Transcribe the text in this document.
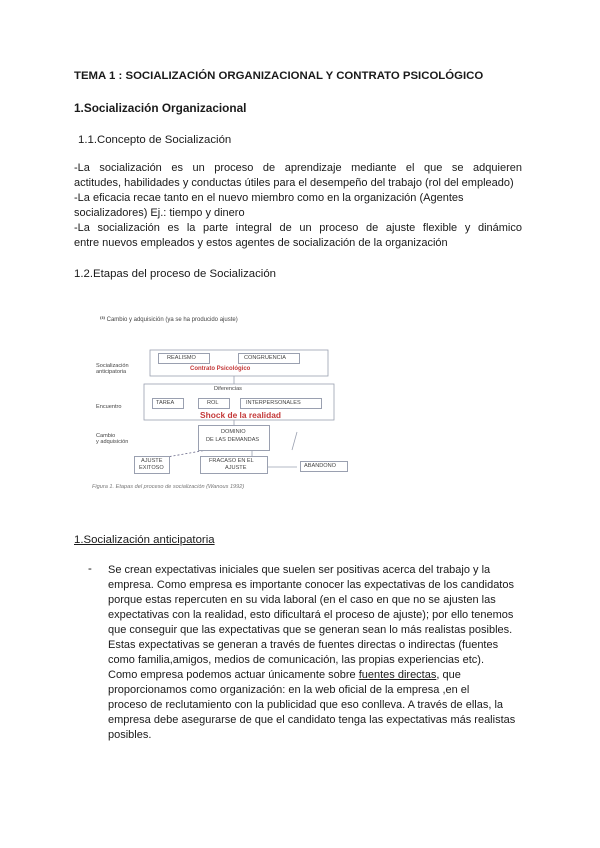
TEMA 1 : SOCIALIZACIÓN ORGANIZACIONAL Y CONTRATO PSICOLÓGICO
1.Socialización Organizacional
1.1.Concepto de Socialización
-La socialización es un proceso de aprendizaje mediante el que se adquieren
actitudes, habilidades y conductas útiles para el desempeño del trabajo (rol del empleado)
-La eficacia recae tanto en el nuevo miembro como en la organización (Agentes
socializadores) Ej.: tiempo y dinero
-La socialización es la parte integral de un proceso de ajuste flexible y dinámico
entre nuevos empleados y estos agentes de socialización de la organización
1.2.Etapas del proceso de Socialización
⁽³⁾ Cambio y adquisición (ya se ha producido ajuste)
Socialización
anticipatoria
Encuentro
Cambio
y adquisición
REALISMO	CONGRUENCIA
Contrato Psicológico
Diferencias
TAREA	ROL	INTERPERSONALES
Shock de la realidad
DOMINIO
DE LAS DEMANDAS
AJUSTE
EXITOSO
FRACASO EN EL
AJUSTE	ABANDONO
Figura 1. Etapas del proceso de socialización (Wanous 1992)
1.Socialización anticipatoria
- Se crean expectativas iniciales que suelen ser positivas acerca del trabajo y la
empresa. Como empresa es importante conocer las expectativas de los candidatos
porque estas repercuten en su vida laboral (en el caso en que no se ajusten las
expectativas con la realidad, esto dificultará el proceso de ajuste); por ello tenemos
que conseguir que las expectativas que se generan sean lo más realistas posibles.
Estas expectativas se generan a través de fuentes directas o indirectas (fuentes
como familia,amigos, medios de comunicación, las propias experiencias etc).
Como empresa podemos actuar únicamente sobre fuentes directas, que
proporcionamos como organización: en la web oficial de la empresa ,en el
proceso de reclutamiento con la publicidad que eso conlleva. A través de ellas, la
empresa debe asegurarse de que el candidato tenga las expectativas más realistas
posibles.
